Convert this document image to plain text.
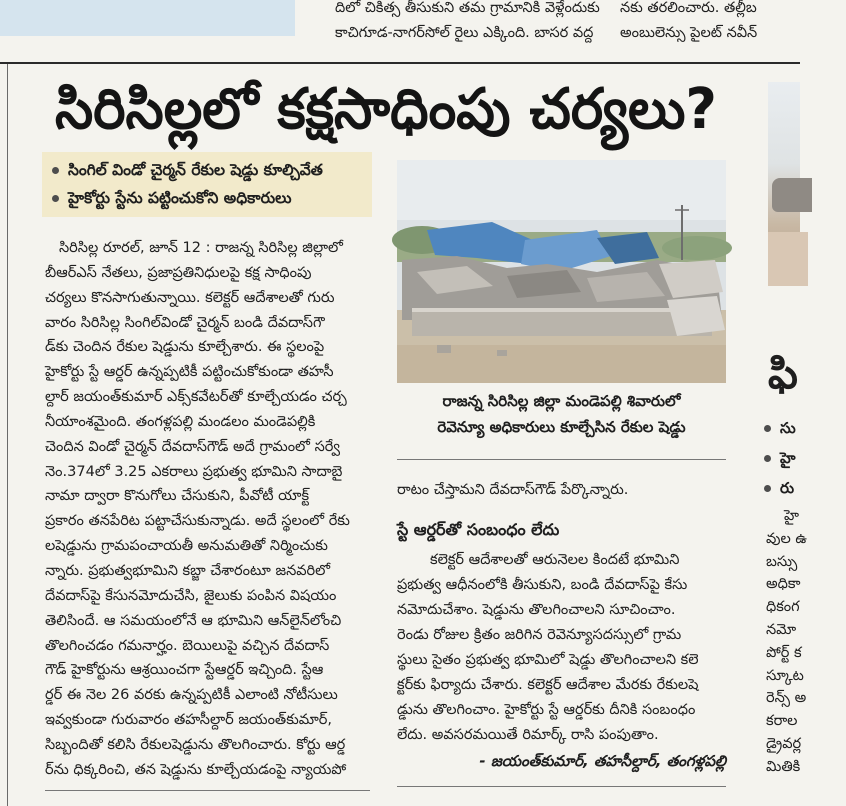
దిలో చికిత్స తీసుకుని తమ గ్రామానికి వెళ్లేందుకు
కాచిగూడ-నాగర్‌సోల్ రైలు ఎక్కింది. బాసర వద్ద
నకు తరలించారు. తల్లీబ
అంబులెన్సు పైలట్ నవీన్
సిరిసిల్లలో కక్షసాధింపు చర్యలు?
సింగిల్ విండో చైర్మన్ రేకుల షెడ్డు కూల్చివేత
హైకోర్టు స్టేను పట్టించుకోని అధికారులు
రాజన్న సిరిసిల్ల జిల్లా మండెపల్లి శివారులో
రెవెన్యూ అధికారులు కూల్చేసిన రేకుల షెడ్డు
సిరిసిల్ల రూరల్, జూన్ 12 : రాజన్న సిరిసిల్ల జిల్లాలో
బీఆర్ఎస్ నేతలు, ప్రజాప్రతినిధులపై కక్ష సాధింపు
చర్యలు కొనసాగుతున్నాయి. కలెక్టర్ ఆదేశాలతో గురు
వారం సిరిసిల్ల సింగిల్‌విండో చైర్మన్ బండి దేవదాస్‌గౌ
డ్‌కు చెందిన రేకుల షెడ్డును కూల్చేశారు. ఈ స్థలంపై
హైకోర్టు స్టే ఆర్డర్ ఉన్నప్పటికీ పట్టించుకోకుండా తహసీ
ల్దార్ జయంత్‌కుమార్ ఎక్స్‌కవేటర్‌తో కూల్చేయడం చర్చ
నీయాంశమైంది. తంగళ్లపల్లి మండలం మండెపల్లికి
చెందిన విండో చైర్మన్ దేవదాస్‌గౌడ్ అదే గ్రామంలో సర్వే
నెం.374లో 3.25 ఎకరాలు ప్రభుత్వ భూమిని సాదాబై
నామా ద్వారా కొనుగోలు చేసుకుని, పీవోటీ యాక్ట్
ప్రకారం తనపేరిట పట్టాచేసుకున్నాడు. అదే స్థలంలో రేకు
లషెడ్డును గ్రామపంచాయతీ అనుమతితో నిర్మించుకు
న్నారు. ప్రభుత్వభూమిని కబ్జా చేశారంటూ జనవరిలో
దేవదాస్‌పై కేసునమోదుచేసి, జైలుకు పంపిన విషయం
తెలిసిందే. ఆ సమయంలోనే ఆ భూమిని ఆన్‌లైన్‌లోంచి
తొలగించడం గమనార్హం. బెయిలుపై వచ్చిన దేవదాస్
గౌడ్ హైకోర్టును ఆశ్రయించగా స్టేఆర్డర్ ఇచ్చింది. స్టేఆ
ర్డర్ ఈ నెల 26 వరకు ఉన్నప్పటికీ ఎలాంటి నోటీసులు
ఇవ్వకుండా గురువారం తహసీల్దార్ జయంత్‌కుమార్,
సిబ్బందితో కలిసి రేకులషెడ్డును తొలగించారు. కోర్టు ఆర్డ
ర్‌ను ధిక్కరించి, తన షెడ్డును కూల్చేయడంపై న్యాయపో
రాటం చేస్తామని దేవదాస్‌గౌడ్ పేర్కొన్నారు.
స్టే ఆర్డర్‌తో సంబంధం లేదు
కలెక్టర్ ఆదేశాలతో ఆరునెలల కిందటే భూమిని
ప్రభుత్వ ఆధీనంలోకి తీసుకుని, బండి దేవదాస్‌పై కేసు
నమోదుచేశాం. షెడ్డును తొలగించాలని సూచించాం.
రెండు రోజుల క్రితం జరిగిన రెవెన్యూసదస్సులో గ్రామ
స్థులు సైతం ప్రభుత్వ భూమిలో షెడ్డు తొలగించాలని కలె
క్టర్‌కు ఫిర్యాదు చేశారు. కలెక్టర్ ఆదేశాల మేరకు రేకులషె
డ్డును తొలగించాం. హైకోర్టు స్టే ఆర్డర్‌కు దీనికి సంబంధం
లేదు. అవసరమయితే రిమార్క్ రాసి పంపుతాం.
- జయంత్‌కుమార్, తహసీల్దార్, తంగళ్లపల్లి
ఫి
సు
హై
రు
హై
వుల ఉ
బస్సు
అధికా
ధికంగ
నమో
పోర్ట్ క
స్కూట
రెన్స్ అ
కరాల
డ్రైవర్ల
మితికి
